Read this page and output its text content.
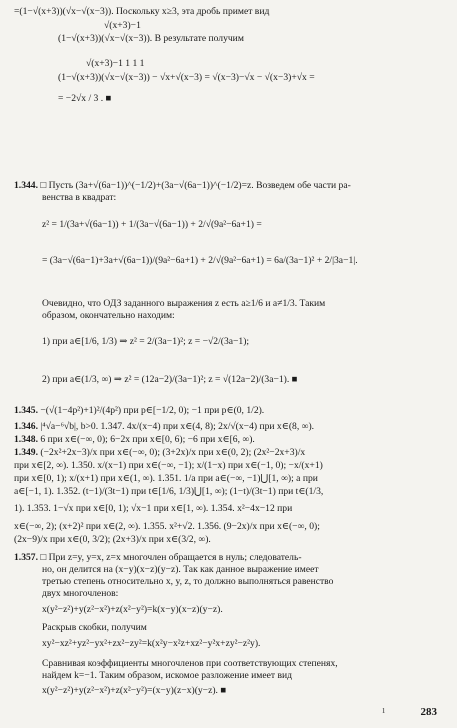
=(1−√(x+3))(√x−√(x−3)). Поскольку x≥3, эта дробь примет вид
√(x+3)−1
(1−√(x+3))(√x−√(x−3)). В результате получим
√(x+3)−1 1 1 1
(1−√(x+3))(√x−√(x−3)) − √x+√(x−3) = √(x−3)−√x − √(x−3)+√x =
= −2√x / 3 . ■
1.344. □ Пусть (3a+√(6a−1))^(−1/2)+(3a−√(6a−1))^(−1/2)=z. Возведем обе части ра-
венства в квадрат:
z² = 1/(3a+√(6a−1)) + 1/(3a−√(6a−1)) + 2/√(9a²−6a+1) =
= (3a−√(6a−1)+3a+√(6a−1))/(9a²−6a+1) + 2/√(9a²−6a+1) = 6a/(3a−1)² + 2/|3a−1|.
Очевидно, что ОДЗ заданного выражения z есть a≥1/6 и a≠1/3. Таким
образом, окончательно находим:
1) при a∈[1/6, 1/3) ⇒ z² = 2/(3a−1)²; z = −√2/(3a−1);
2) при a∈(1/3, ∞) ⇒ z² = (12a−2)/(3a−1)²; z = √(12a−2)/(3a−1). ■
1.345. −(√(1−4p²)+1)²/(4p²) при p∈[−1/2, 0); −1 при p∈(0, 1/2).
1.346. |⁴√a−⁶√b|, b>0. 1.347. 4x/(x−4) при x∈(4, 8); 2x/√(x−4) при x∈(8, ∞).
1.348. 6 при x∈(−∞, 0); 6−2x при x∈[0, 6); −6 при x∈[6, ∞).
1.349. (−2x²+2x−3)/x при x∈(−∞, 0); (3+2x)/x при x∈(0, 2); (2x²−2x+3)/x
при x∈[2, ∞). 1.350. x/(x−1) при x∈(−∞, −1); x/(1−x) при x∈(−1, 0); −x/(x+1)
при x∈[0, 1); x/(x+1) при x∈(1, ∞). 1.351. 1/a при a∈(−∞, −1)⋃[1, ∞); a при
a∈[−1, 1). 1.352. (t−1)/(3t−1) при t∈[1/6, 1/3)⋃[1, ∞); (1−t)/(3t−1) при t∈(1/3,
1). 1.353. 1−√x при x∈[0, 1); √x−1 при x∈[1, ∞). 1.354. x²−4x−12 при
x∈(−∞, 2); (x+2)² при x∈(2, ∞). 1.355. x²+√2. 1.356. (9−2x)/x при x∈(−∞, 0);
(2x−9)/x при x∈(0, 3/2); (2x+3)/x при x∈(3/2, ∞).
1.357. □ При z=y, y=x, z=x многочлен обращается в нуль; следователь-
но, он делится на (x−y)(x−z)(y−z). Так как данное выражение имеет
третью степень относительно x, y, z, то должно выполняться равенство
двух многочленов:
x(y²−z²)+y(z²−x²)+z(x²−y²)=k(x−y)(x−z)(y−z).
Раскрыв скобки, получим
xy²−xz²+yz²−yx²+zx²−zy²=k(x²y−x²z+xz²−y²x+zy²−z²y).
Сравнивая коэффициенты многочленов при соответствующих степенях,
найдем k=−1. Таким образом, искомое разложение имеет вид
x(y²−z²)+y(z²−x²)+z(x²−y²)=(x−y)(z−x)(y−z). ■
ı	283
